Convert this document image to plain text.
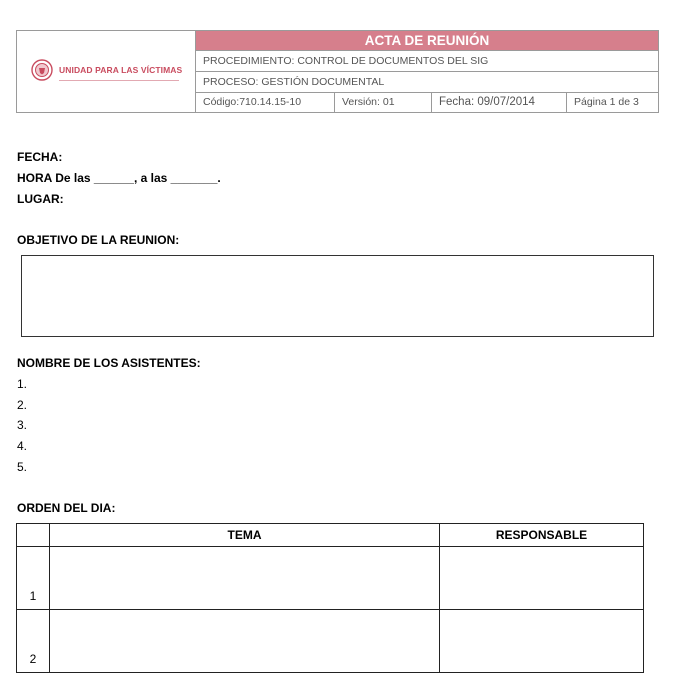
UNIDAD PARA LAS VÍCTIMAS
ACTA DE REUNIÓN
PROCEDIMIENTO: CONTROL DE DOCUMENTOS DEL SIG
PROCESO: GESTIÓN DOCUMENTAL
Código:710.14.15-10	Versión: 01	Fecha: 09/07/2014	Página 1 de 3
FECHA:
HORA De las ______, a las _______.
LUGAR:
OBJETIVO DE LA REUNION:
NOMBRE DE LOS ASISTENTES:
1.
2.
3.
4.
5.
ORDEN DEL DIA:
	TEMA	RESPONSABLE
1		
2		
